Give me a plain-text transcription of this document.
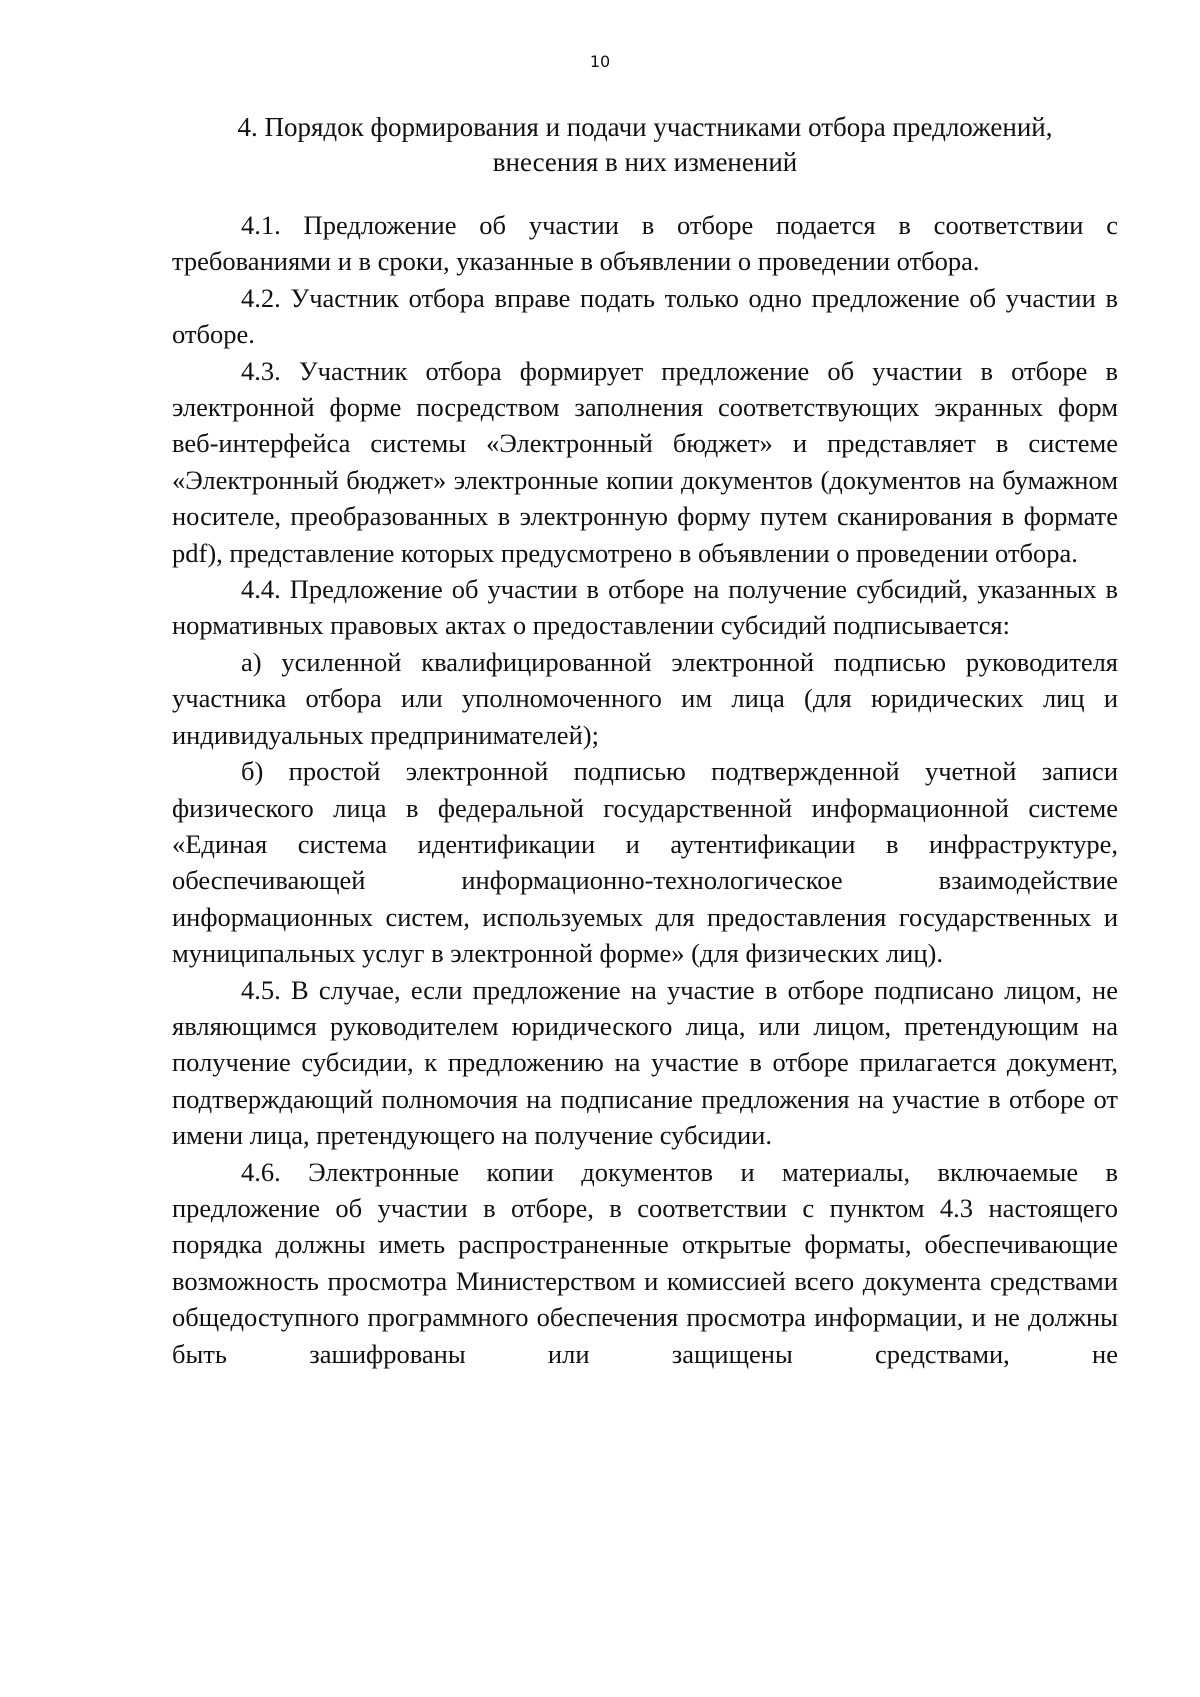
10
4. Порядок формирования и подачи участниками отбора предложений,
внесения в них изменений

4.1. Предложение об участии в отборе подается в соответствии с требованиями и в сроки, указанные в объявлении о проведении отбора.

4.2. Участник отбора вправе подать только одно предложение об участии в отборе.

4.3. Участник отбора формирует предложение об участии в отборе в электронной форме посредством заполнения соответствующих экранных форм веб-интерфейса системы «Электронный бюджет» и представляет в системе «Электронный бюджет» электронные копии документов (документов на бумажном носителе, преобразованных в электронную форму путем сканирования в формате pdf), представление которых предусмотрено в объявлении о проведении отбора.

4.4. Предложение об участии в отборе на получение субсидий, указанных в нормативных правовых актах о предоставлении субсидий подписывается:

а) усиленной квалифицированной электронной подписью руководителя участника отбора или уполномоченного им лица (для юридических лиц и индивидуальных предпринимателей);

б) простой электронной подписью подтвержденной учетной записи физического лица в федеральной государственной информационной системе «Единая система идентификации и аутентификации в инфраструктуре, обеспечивающей информационно-технологическое взаимодействие информационных систем, используемых для предоставления государственных и муниципальных услуг в электронной форме» (для физических лиц).

4.5. В случае, если предложение на участие в отборе подписано лицом, не являющимся руководителем юридического лица, или лицом, претендующим на получение субсидии, к предложению на участие в отборе прилагается документ, подтверждающий полномочия на подписание предложения на участие в отборе от имени лица, претендующего на получение субсидии.

4.6. Электронные копии документов и материалы, включаемые в предложение об участии в отборе, в соответствии с пунктом 4.3 настоящего порядка должны иметь распространенные открытые форматы, обеспечивающие возможность просмотра Министерством и комиссией всего документа средствами общедоступного программного обеспечения просмотра информации, и не должны быть зашифрованы или защищены средствами, не
